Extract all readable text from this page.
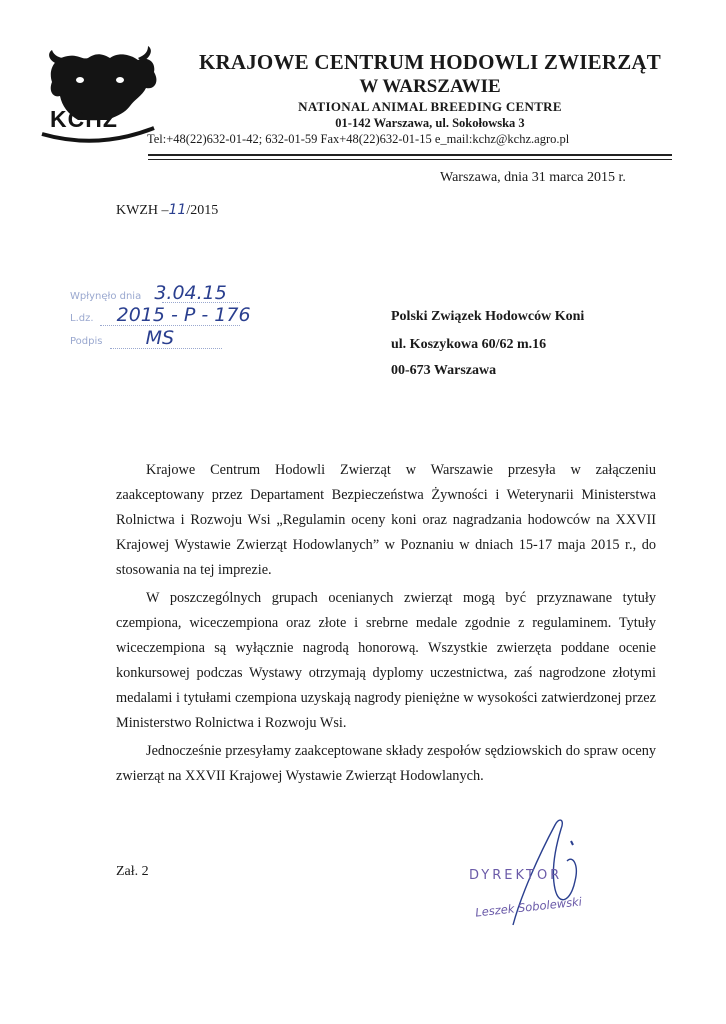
KCHZ
KRAJOWE CENTRUM HODOWLI ZWIERZĄT
W WARSZAWIE
NATIONAL ANIMAL BREEDING CENTRE
01-142 Warszawa, ul. Sokołowska 3
Tel:+48(22)632-01-42; 632-01-59 Fax+48(22)632-01-15 e_mail:kchz@kchz.agro.pl
Warszawa, dnia 31 marca 2015 r.
KWZH –11/2015
Wpłynęło dnia 3.04.15
L.dz. 2015 - P - 176
Podpis MS
Polski Związek Hodowców Koni
ul. Koszykowa 60/62 m.16
00-673 Warszawa
Krajowe Centrum Hodowli Zwierząt w Warszawie przesyła w załączeniu zaakceptowany przez Departament Bezpieczeństwa Żywności i Weterynarii Ministerstwa Rolnictwa i Rozwoju Wsi „Regulamin oceny koni oraz nagradzania hodowców na XXVII Krajowej Wystawie Zwierząt Hodowlanych” w Poznaniu w dniach 15-17 maja 2015 r., do stosowania na tej imprezie.
W poszczególnych grupach ocenianych zwierząt mogą być przyznawane tytuły czempiona, wiceczempiona oraz złote i srebrne medale zgodnie z regulaminem. Tytuły wiceczempiona są wyłącznie nagrodą honorową. Wszystkie zwierzęta poddane ocenie konkursowej podczas Wystawy otrzymają dyplomy uczestnictwa, zaś nagrodzone złotymi medalami i tytułami czempiona uzyskają nagrody pieniężne w wysokości zatwierdzonej przez Ministerstwo Rolnictwa i Rozwoju Wsi.
Jednocześnie przesyłamy zaakceptowane składy zespołów sędziowskich do spraw oceny zwierząt na XXVII Krajowej Wystawie Zwierząt Hodowlanych.
Zał. 2	DYREKTOR
Leszek Sobolewski
